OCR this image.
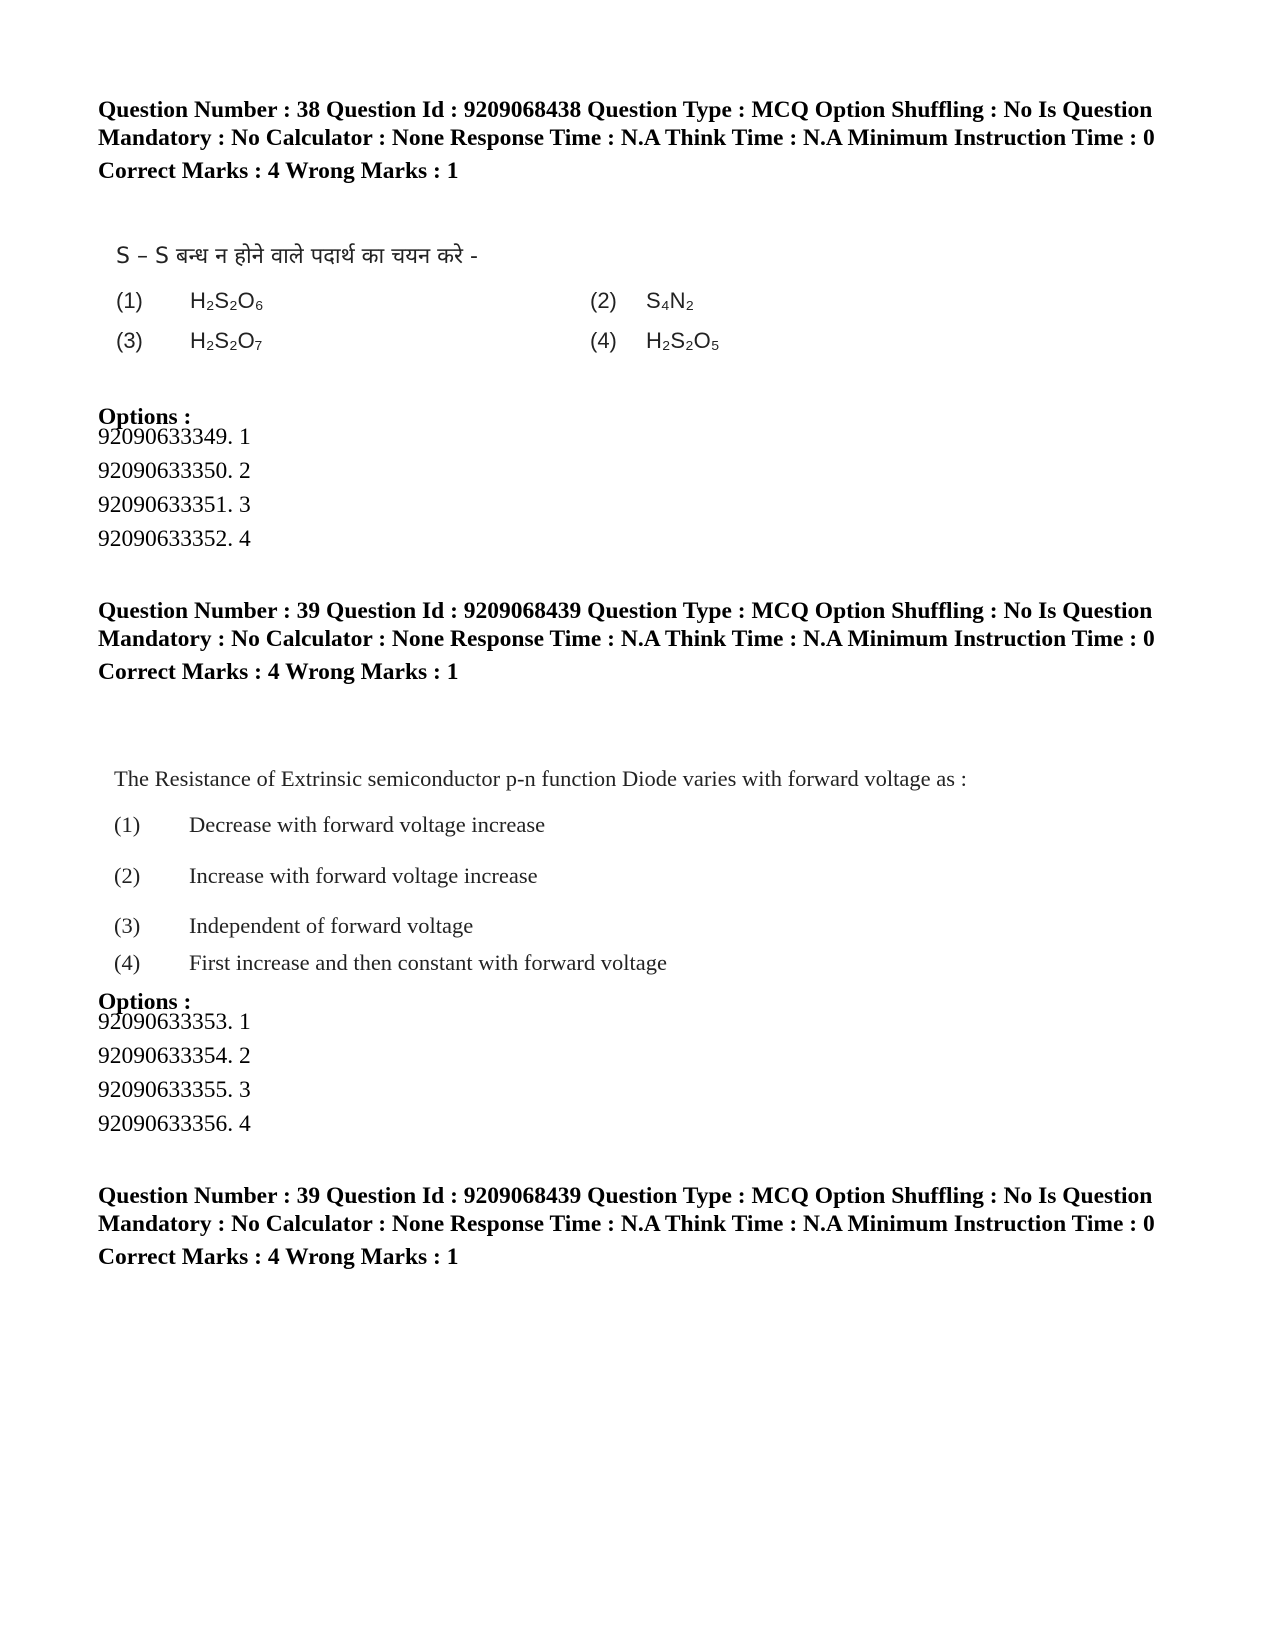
Question Number : 38 Question Id : 9209068438 Question Type : MCQ Option Shuffling : No Is Question Mandatory : No Calculator : None Response Time : N.A Think Time : N.A Minimum Instruction Time : 0

Correct Marks : 4 Wrong Marks : 1
S – S बन्ध न होने वाले पदार्थ का चयन करे -
(1) H₂S₂O₆	(2) S₄N₂
(3) H₂S₂O₇	(4) H₂S₂O₅
Options :
92090633349. 1
92090633350. 2
92090633351. 3
92090633352. 4

Question Number : 39 Question Id : 9209068439 Question Type : MCQ Option Shuffling : No Is Question Mandatory : No Calculator : None Response Time : N.A Think Time : N.A Minimum Instruction Time : 0

Correct Marks : 4 Wrong Marks : 1
The Resistance of Extrinsic semiconductor p-n function Diode varies with forward voltage as :
(1) Decrease with forward voltage increase
(2) Increase with forward voltage increase
(3) Independent of forward voltage
(4) First increase and then constant with forward voltage
Options :
92090633353. 1
92090633354. 2
92090633355. 3
92090633356. 4

Question Number : 39 Question Id : 9209068439 Question Type : MCQ Option Shuffling : No Is Question Mandatory : No Calculator : None Response Time : N.A Think Time : N.A Minimum Instruction Time : 0

Correct Marks : 4 Wrong Marks : 1
